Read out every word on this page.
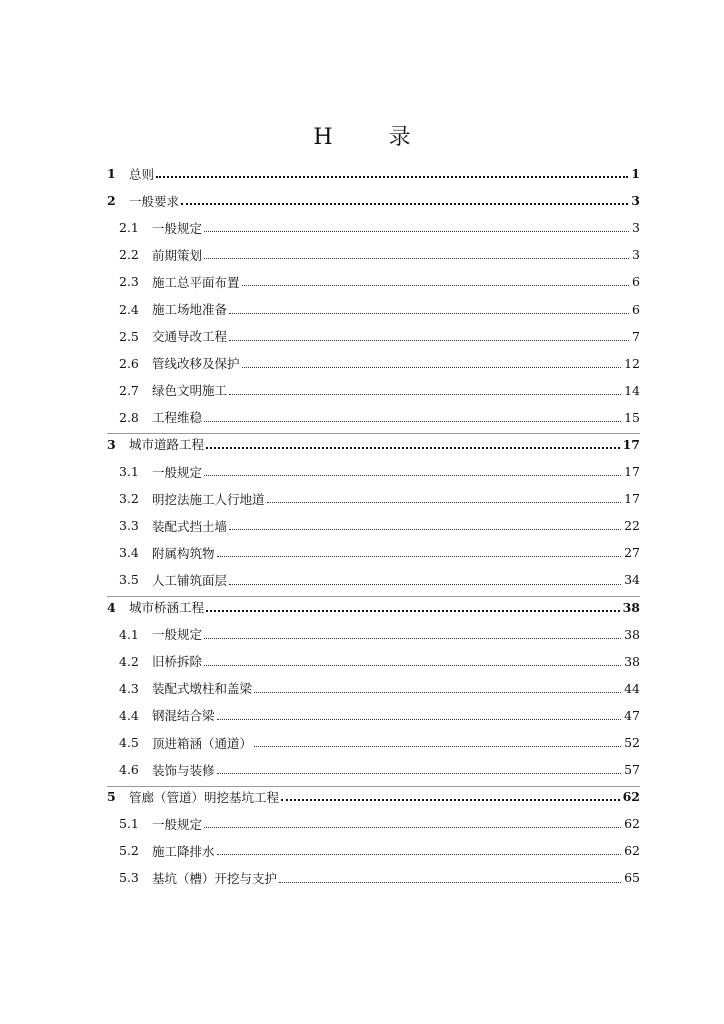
H	录
1	总则	1
2	一般要求	3
2.1	一般规定	3
2.2	前期策划	3
2.3	施工总平面布置	6
2.4	施工场地准备	6
2.5	交通导改工程	7
2.6	管线改移及保护	12
2.7	绿色文明施工	14
2.8	工程维稳	15
3	城市道路工程	17
3.1	一般规定	17
3.2	明挖法施工人行地道	17
3.3	装配式挡土墙	22
3.4	附属构筑物	27
3.5	人工铺筑面层	34
4	城市桥涵工程	38
4.1	一般规定	38
4.2	旧桥拆除	38
4.3	装配式墩柱和盖梁	44
4.4	钢混结合梁	47
4.5	顶进箱涵（通道）	52
4.6	装饰与装修	57
5	管廊（管道）明挖基坑工程	62
5.1	一般规定	62
5.2	施工降排水	62
5.3	基坑（槽）开挖与支护	65
